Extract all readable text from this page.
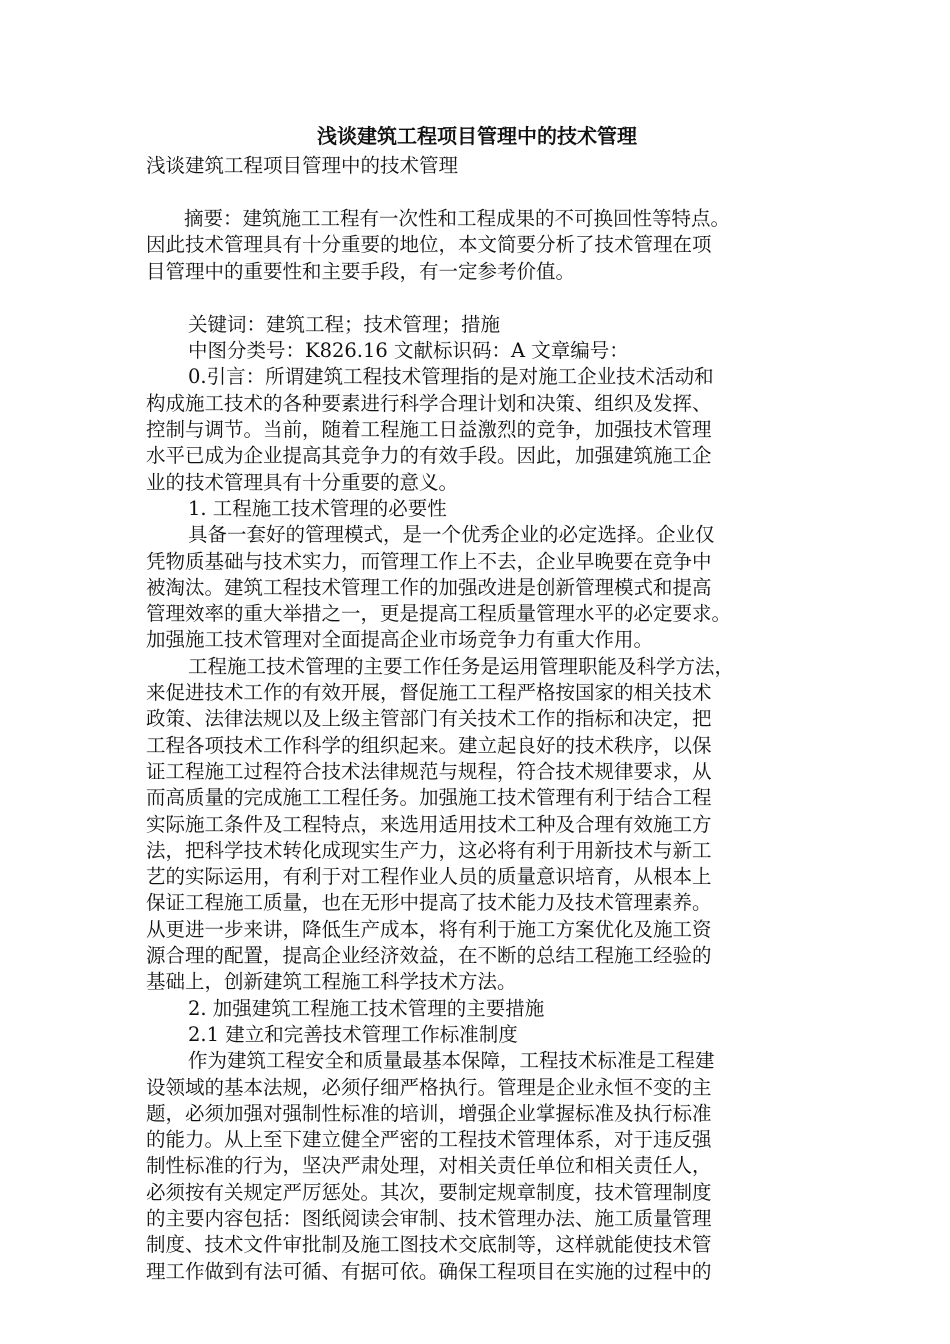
浅谈建筑工程项目管理中的技术管理
浅谈建筑工程项目管理中的技术管理
摘要：建筑施工工程有一次性和工程成果的不可换回性等特点。
因此技术管理具有十分重要的地位，本文简要分析了技术管理在项
目管理中的重要性和主要手段，有一定参考价值。
关键词：建筑工程；技术管理；措施
中图分类号：K826.16 文献标识码：A 文章编号：
0.引言：所谓建筑工程技术管理指的是对施工企业技术活动和
构成施工技术的各种要素进行科学合理计划和决策、组织及发挥、
控制与调节。当前，随着工程施工日益激烈的竞争，加强技术管理
水平已成为企业提高其竞争力的有效手段。因此，加强建筑施工企
业的技术管理具有十分重要的意义。
1. 工程施工技术管理的必要性
具备一套好的管理模式，是一个优秀企业的必定选择。企业仅
凭物质基础与技术实力，而管理工作上不去，企业早晚要在竞争中
被淘汰。建筑工程技术管理工作的加强改进是创新管理模式和提高
管理效率的重大举措之一，更是提高工程质量管理水平的必定要求。
加强施工技术管理对全面提高企业市场竞争力有重大作用。
工程施工技术管理的主要工作任务是运用管理职能及科学方法，
来促进技术工作的有效开展，督促施工工程严格按国家的相关技术
政策、法律法规以及上级主管部门有关技术工作的指标和决定，把
工程各项技术工作科学的组织起来。建立起良好的技术秩序，以保
证工程施工过程符合技术法律规范与规程，符合技术规律要求，从
而高质量的完成施工工程任务。加强施工技术管理有利于结合工程
实际施工条件及工程特点，来选用适用技术工种及合理有效施工方
法，把科学技术转化成现实生产力，这必将有利于用新技术与新工
艺的实际运用，有利于对工程作业人员的质量意识培育，从根本上
保证工程施工质量，也在无形中提高了技术能力及技术管理素养。
从更进一步来讲，降低生产成本，将有利于施工方案优化及施工资
源合理的配置，提高企业经济效益，在不断的总结工程施工经验的
基础上，创新建筑工程施工科学技术方法。
2. 加强建筑工程施工技术管理的主要措施
2.1 建立和完善技术管理工作标准制度
作为建筑工程安全和质量最基本保障，工程技术标准是工程建
设领域的基本法规，必须仔细严格执行。管理是企业永恒不变的主
题，必须加强对强制性标准的培训，增强企业掌握标准及执行标准
的能力。从上至下建立健全严密的工程技术管理体系，对于违反强
制性标准的行为，坚决严肃处理，对相关责任单位和相关责任人，
必须按有关规定严厉惩处。其次，要制定规章制度，技术管理制度
的主要内容包括：图纸阅读会审制、技术管理办法、施工质量管理
制度、技术文件审批制及施工图技术交底制等，这样就能使技术管
理工作做到有法可循、有据可依。确保工程项目在实施的过程中的
